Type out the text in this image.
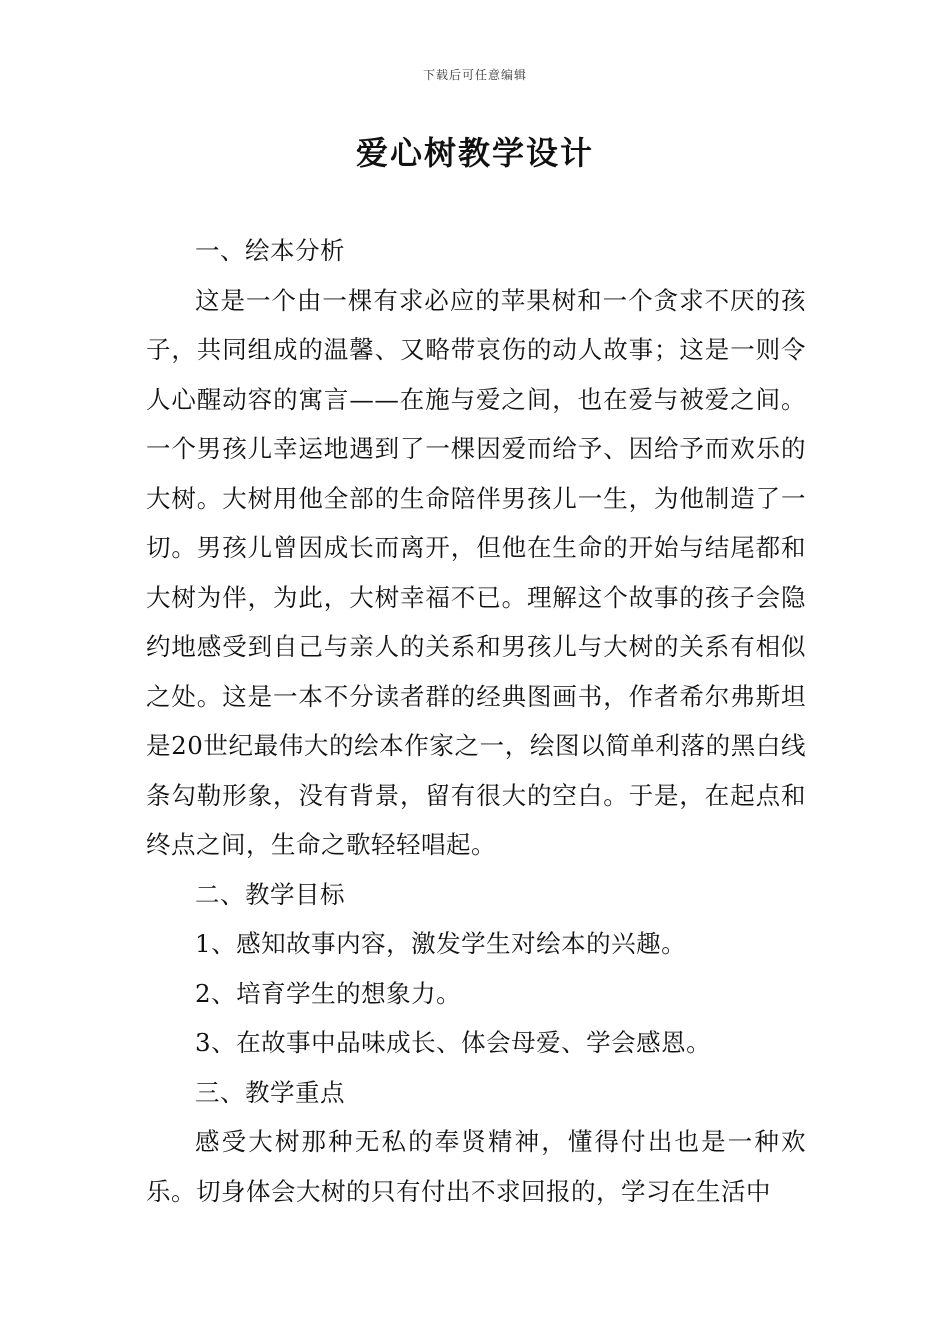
下载后可任意编辑
爱心树教学设计

一、绘本分析

这是一个由一棵有求必应的苹果树和一个贪求不厌的孩子，共同组成的温馨、又略带哀伤的动人故事；这是一则令人心醒动容的寓言——在施与爱之间，也在爱与被爱之间。一个男孩儿幸运地遇到了一棵因爱而给予、因给予而欢乐的大树。大树用他全部的生命陪伴男孩儿一生，为他制造了一切。男孩儿曾因成长而离开，但他在生命的开始与结尾都和大树为伴，为此，大树幸福不已。理解这个故事的孩子会隐约地感受到自己与亲人的关系和男孩儿与大树的关系有相似之处。这是一本不分读者群的经典图画书，作者希尔弗斯坦是20世纪最伟大的绘本作家之一，绘图以简单利落的黑白线条勾勒形象，没有背景，留有很大的空白。于是，在起点和终点之间，生命之歌轻轻唱起。

二、教学目标

1、感知故事内容，激发学生对绘本的兴趣。

2、培育学生的想象力。

3、在故事中品味成长、体会母爱、学会感恩。

三、教学重点

感受大树那种无私的奉贤精神，懂得付出也是一种欢乐。切身体会大树的只有付出不求回报的，学习在生活中
